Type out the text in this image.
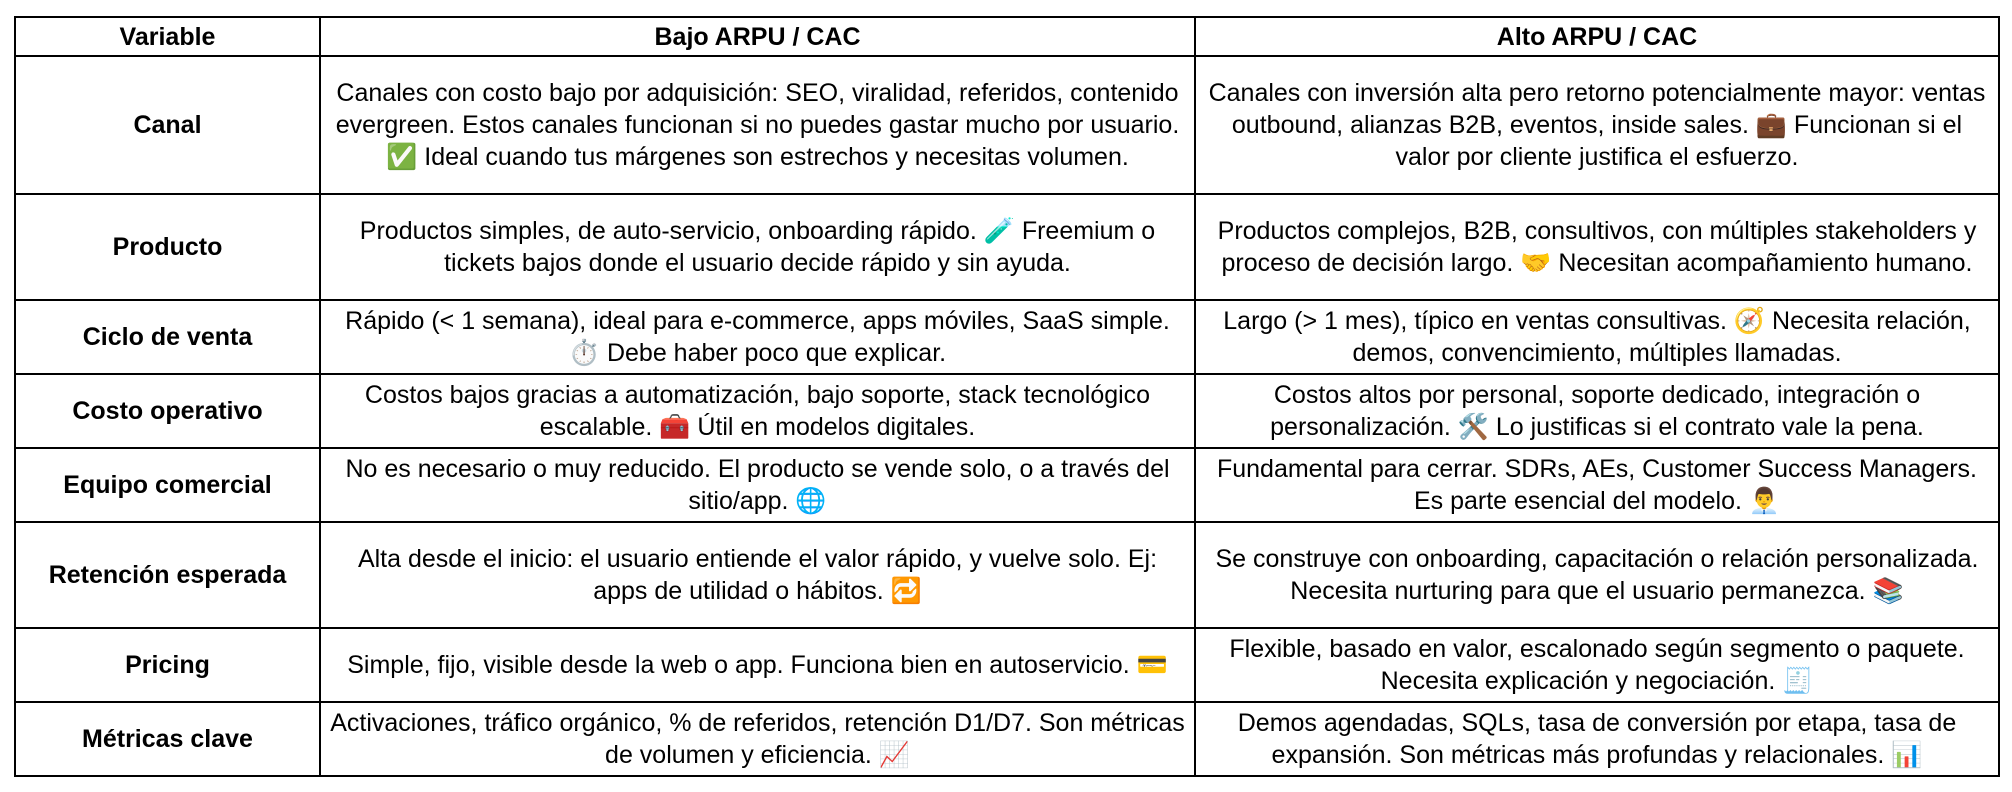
Variable	Bajo ARPU / CAC	Alto ARPU / CAC
Canal	Canales con costo bajo por adquisición: SEO, viralidad, referidos, contenido evergreen. Estos canales funcionan si no puedes gastar mucho por usuario. ✅ Ideal cuando tus márgenes son estrechos y necesitas volumen.	Canales con inversión alta pero retorno potencialmente mayor: ventas outbound, alianzas B2B, eventos, inside sales. 💼 Funcionan si el valor por cliente justifica el esfuerzo.
Producto	Productos simples, de auto-servicio, onboarding rápido. 🧪 Freemium o tickets bajos donde el usuario decide rápido y sin ayuda.	Productos complejos, B2B, consultivos, con múltiples stakeholders y proceso de decisión largo. 🤝 Necesitan acompañamiento humano.
Ciclo de venta	Rápido (< 1 semana), ideal para e-commerce, apps móviles, SaaS simple. ⏱️ Debe haber poco que explicar.	Largo (> 1 mes), típico en ventas consultivas. 🧭 Necesita relación, demos, convencimiento, múltiples llamadas.
Costo operativo	Costos bajos gracias a automatización, bajo soporte, stack tecnológico escalable. 🧰 Útil en modelos digitales.	Costos altos por personal, soporte dedicado, integración o personalización. 🛠️ Lo justificas si el contrato vale la pena.
Equipo comercial	No es necesario o muy reducido. El producto se vende solo, o a través del sitio/app. 🌐	Fundamental para cerrar. SDRs, AEs, Customer Success Managers. Es parte esencial del modelo. 👨‍💼
Retención esperada	Alta desde el inicio: el usuario entiende el valor rápido, y vuelve solo. Ej: apps de utilidad o hábitos. 🔁	Se construye con onboarding, capacitación o relación personalizada. Necesita nurturing para que el usuario permanezca. 📚
Pricing	Simple, fijo, visible desde la web o app. Funciona bien en autoservicio. 💳	Flexible, basado en valor, escalonado según segmento o paquete. Necesita explicación y negociación. 🧾
Métricas clave	Activaciones, tráfico orgánico, % de referidos, retención D1/D7. Son métricas de volumen y eficiencia. 📈	Demos agendadas, SQLs, tasa de conversión por etapa, tasa de expansión. Son métricas más profundas y relacionales. 📊
